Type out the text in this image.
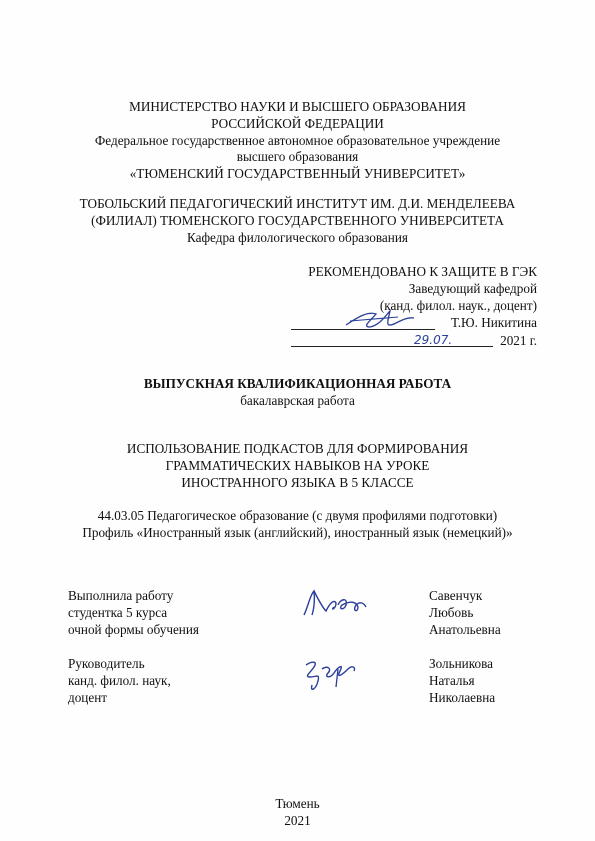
МИНИСТЕРСТВО НАУКИ И ВЫСШЕГО ОБРАЗОВАНИЯ
РОССИЙСКОЙ ФЕДЕРАЦИИ
Федеральное государственное автономное образовательное учреждение
высшего образования
«ТЮМЕНСКИЙ ГОСУДАРСТВЕННЫЙ УНИВЕРСИТЕТ»
ТОБОЛЬСКИЙ ПЕДАГОГИЧЕСКИЙ ИНСТИТУТ ИМ. Д.И. МЕНДЕЛЕЕВА
(ФИЛИАЛ) ТЮМЕНСКОГО ГОСУДАРСТВЕННОГО УНИВЕРСИТЕТА
Кафедра филологического образования
РЕКОМЕНДОВАНО К ЗАЩИТЕ В ГЭК
Заведующий кафедрой
(канд. филол. наук., доцент)
Т.Ю. Никитина
29.07.	2021 г.
ВЫПУСКНАЯ КВАЛИФИКАЦИОННАЯ РАБОТА
бакалаврская работа
ИСПОЛЬЗОВАНИЕ ПОДКАСТОВ ДЛЯ ФОРМИРОВАНИЯ
ГРАММАТИЧЕСКИХ НАВЫКОВ НА УРОКЕ
ИНОСТРАННОГО ЯЗЫКА В 5 КЛАССЕ
44.03.05 Педагогическое образование (с двумя профилями подготовки)
Профиль «Иностранный язык (английский), иностранный язык (немецкий)»
Выполнила работу
студентка 5 курса
очной формы обучения
Савенчук
Любовь
Анатольевна
Руководитель
канд. филол. наук,
доцент
Зольникова
Наталья
Николаевна
Тюмень
2021
